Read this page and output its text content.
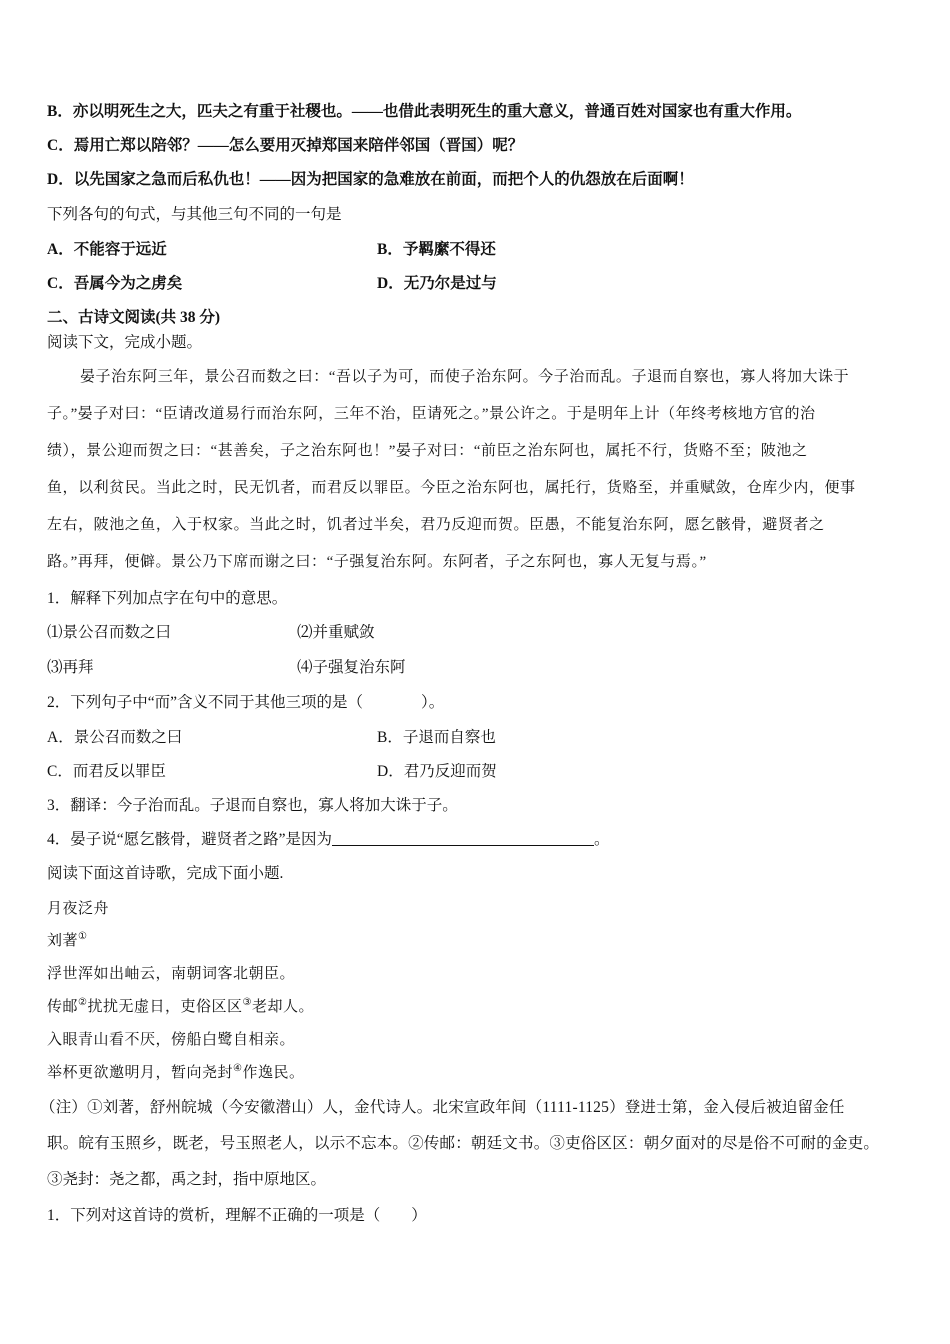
B．亦以明死生之大，匹夫之有重于社稷也。——也借此表明死生的重大意义，普通百姓对国家也有重大作用。
C．焉用亡郑以陪邻？——怎么要用灭掉郑国来陪伴邻国（晋国）呢？
D．以先国家之急而后私仇也！——因为把国家的急难放在前面，而把个人的仇怨放在后面啊！
下列各句的句式，与其他三句不同的一句是
A．不能容于远近	B．予羁縻不得还
C．吾属今为之虏矣	D．无乃尔是过与
二、古诗文阅读(共 38 分)
阅读下文，完成小题。
晏子治东阿三年，景公召而数之曰：“吾以子为可，而使子治东阿。今子治而乱。子退而自察也，寡人将加大诛于
子。”晏子对曰：“臣请改道易行而治东阿，三年不治，臣请死之。”景公许之。于是明年上计（年终考核地方官的治
绩），景公迎而贺之曰：“甚善矣，子之治东阿也！”晏子对曰：“前臣之治东阿也，属托不行，货赂不至；陂池之
鱼，以利贫民。当此之时，民无饥者，而君反以罪臣。今臣之治东阿也，属托行，货赂至，并重赋敛，仓库少内，便事
左右，陂池之鱼，入于权家。当此之时，饥者过半矣，君乃反迎而贺。臣愚，不能复治东阿，愿乞骸骨，避贤者之
路。”再拜，便僻。景公乃下席而谢之曰：“子强复治东阿。东阿者，子之东阿也，寡人无复与焉。”
1．解释下列加点字在句中的意思。
⑴景公召而数之曰	⑵并重赋敛
⑶再拜	⑷子强复治东阿
2．下列句子中“而”含义不同于其他三项的是（	）。
A．景公召而数之曰	B．子退而自察也
C．而君反以罪臣	D．君乃反迎而贺
3．翻译：今子治而乱。子退而自察也，寡人将加大诛于子。
4．晏子说“愿乞骸骨，避贤者之路”是因为	。
阅读下面这首诗歌，完成下面小题.
月夜泛舟
刘著①
浮世浑如出岫云，南朝词客北朝臣。
传邮②扰扰无虚日，吏俗区区③老却人。
入眼青山看不厌，傍船白鹭自相亲。
举杯更欲邀明月，暂向尧封④作逸民。
（注）①刘著，舒州皖城（今安徽潜山）人，金代诗人。北宋宣政年间（1111-1125）登进士第，金入侵后被迫留金任
职。皖有玉照乡，既老，号玉照老人，以示不忘本。②传邮：朝廷文书。③吏俗区区：朝夕面对的尽是俗不可耐的金吏。
③尧封：尧之都，禹之封，指中原地区。
1．下列对这首诗的赏析，理解不正确的一项是（　　）
